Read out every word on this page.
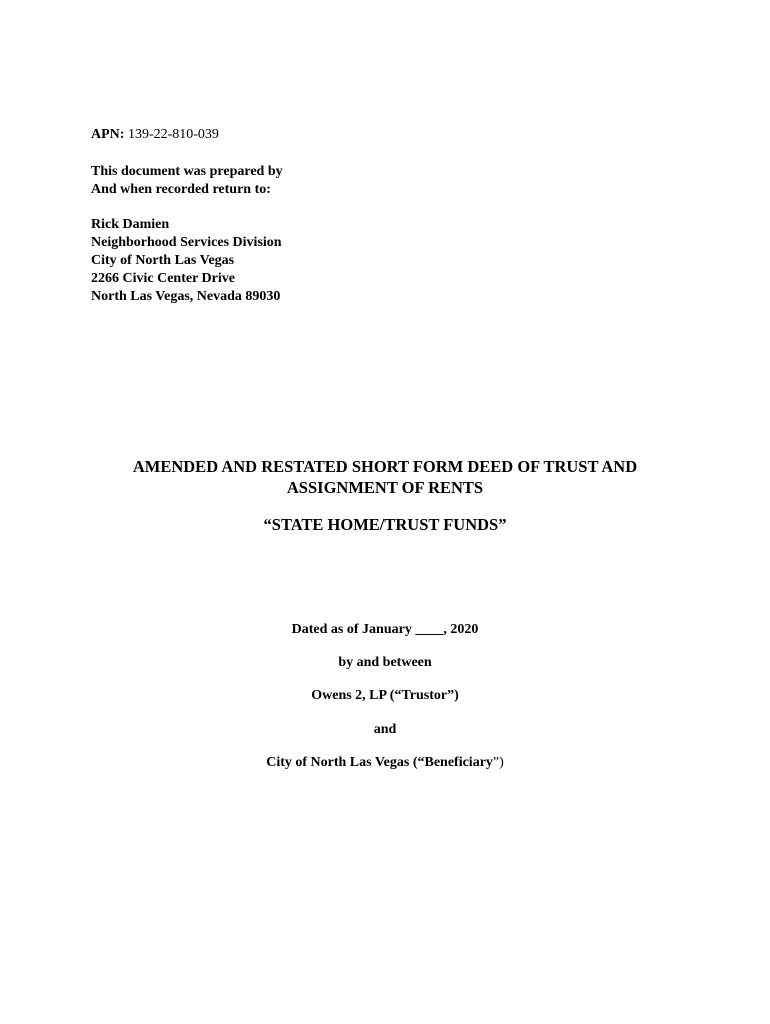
APN: 139-22-810-039
This document was prepared by
And when recorded return to:
Rick Damien
Neighborhood Services Division
City of North Las Vegas
2266 Civic Center Drive
North Las Vegas, Nevada 89030
AMENDED AND RESTATED SHORT FORM DEED OF TRUST AND
ASSIGNMENT OF RENTS
“STATE HOME/TRUST FUNDS”
Dated as of January ____, 2020
by and between
Owens 2, LP (“Trustor”)
and
City of North Las Vegas (“Beneficiary”)
